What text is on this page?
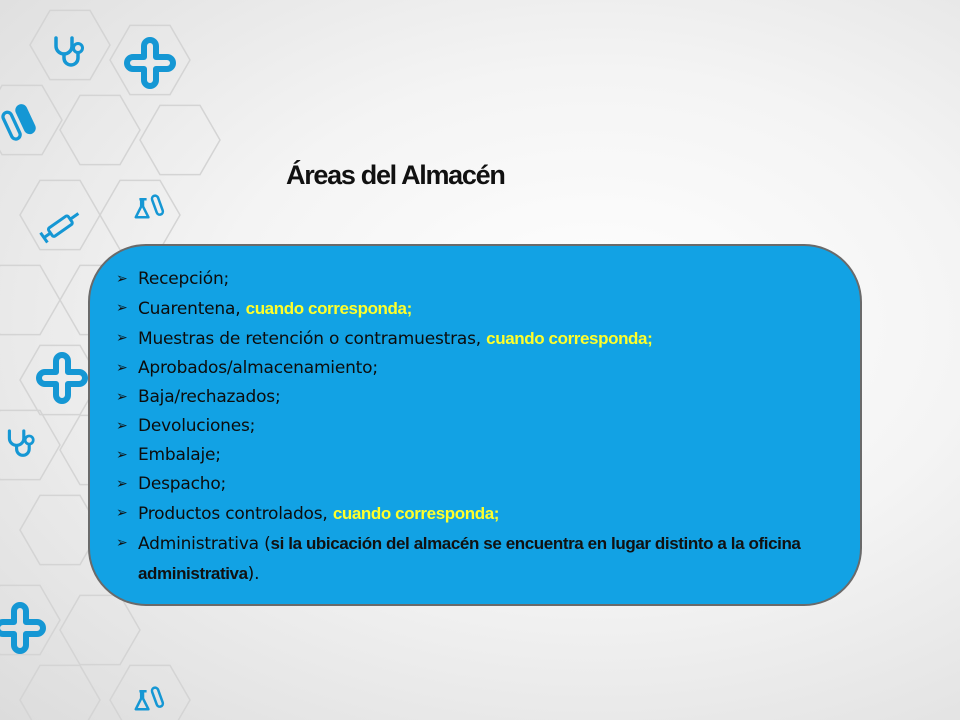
Áreas del Almacén
➢ Recepción;
➢ Cuarentena, cuando corresponda;
➢ Muestras de retención o contramuestras, cuando corresponda;
➢ Aprobados/almacenamiento;
➢ Baja/rechazados;
➢ Devoluciones;
➢ Embalaje;
➢ Despacho;
➢ Productos controlados, cuando corresponda;
➢ Administrativa (si la ubicación del almacén se encuentra en lugar distinto a la oficina administrativa).
